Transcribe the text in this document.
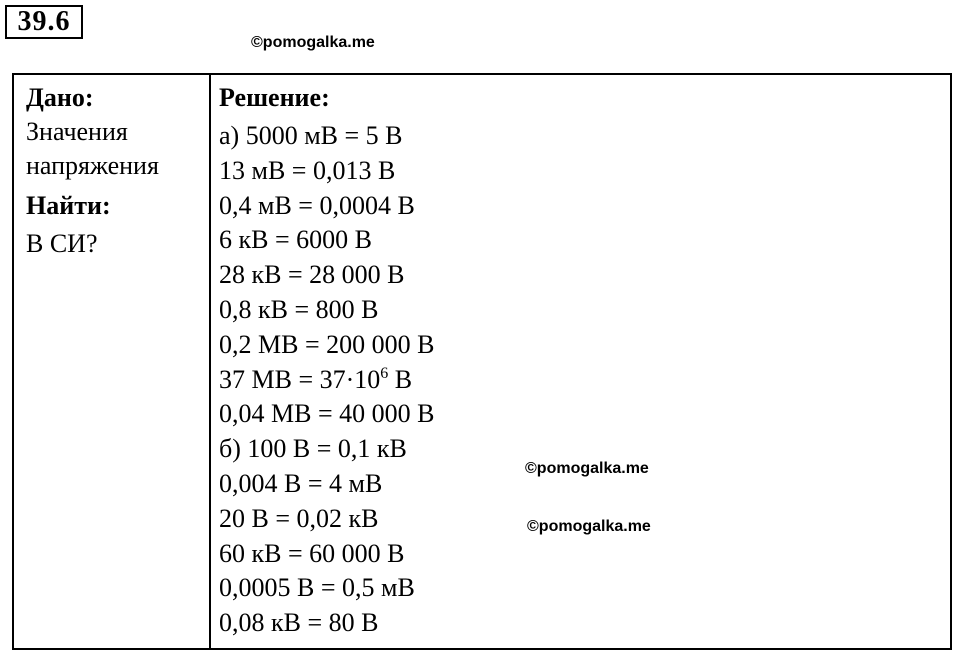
39.6
©pomogalka.me
©pomogalka.me
©pomogalka.me
Дано:
Значения
напряжения
Найти:
В СИ?
Решение:
а) 5000 мВ = 5 В
13 мВ = 0,013 В
0,4 мВ = 0,0004 В
6 кВ = 6000 В
28 кВ = 28 000 В
0,8 кВ = 800 В
0,2 МВ = 200 000 В
37 МВ = $37\cdot 10^6$ В
0,04 МВ = 40 000 В
б) 100 В = 0,1 кВ
0,004 В = 4 мВ
20 В = 0,02 кВ
60 кВ = 60 000 В
0,0005 В = 0,5 мВ
0,08 кВ = 80 В
